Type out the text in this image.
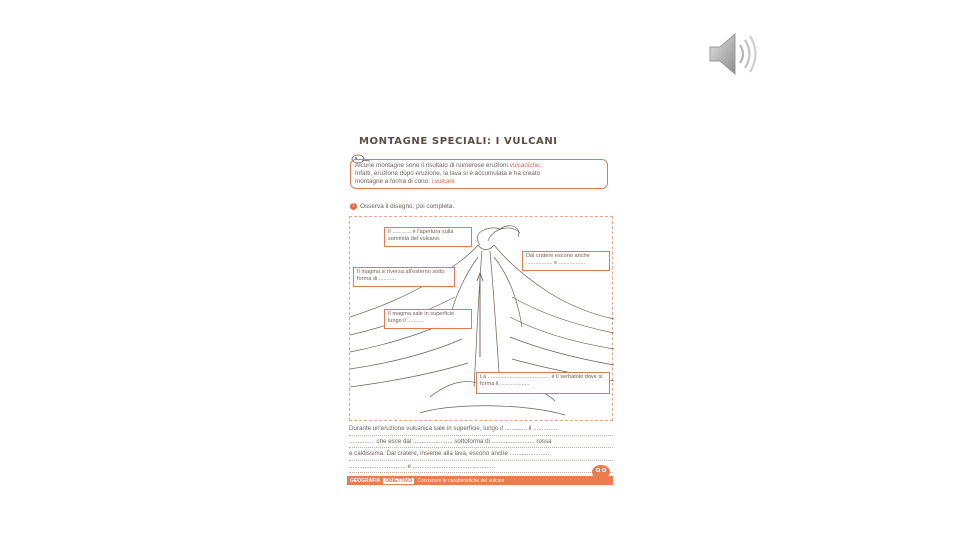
MONTAGNE SPECIALI: I VULCANI
Alcune montagne sono il risultato di numerose eruzioni vulcaniche.
Infatti, eruzione dopo eruzione, la lava si è accumulata e ha creato
montagne a forma di cono: i vulcani.
1 Osserva il disegno, poi completa.
Il ............ è l'apertura sulla sommità del vulcano.
Dal cratere escono anche ................. e .................
Il magma si riversa all'esterno sotto forma di ...........
Il magma sale in superficie lungo il ...........
La ........................................ è il serbatoio dove si forma il ...................

Durante un'eruzione vulcanica sale in superficie, lungo il ............, il ..............

............... che esce dal ....................... sottoforma di ......................... rossa

e caldissima. Dal cratere, insieme alla lava, escono anche .......................,

................................. e ................................................

GEOGRAFIA	OBIETTIVO	Conoscere le caratteristiche dei vulcani
